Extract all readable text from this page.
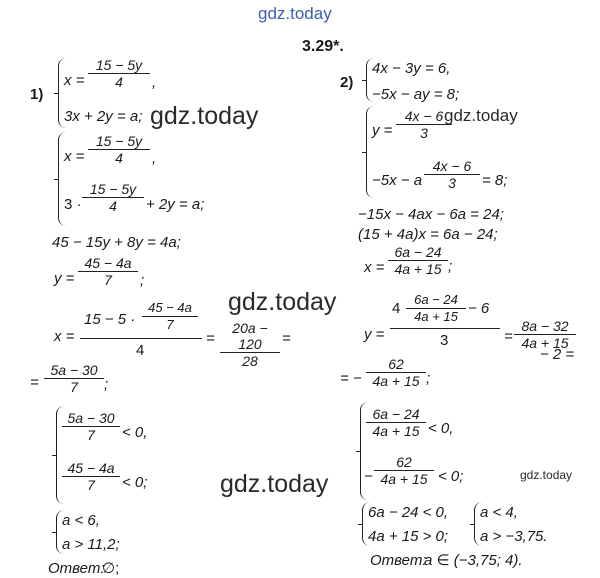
gdz.today
3.29*.
1)
x =
15 − 5y
4	,
3x + 2y = a; gdz.today
x =
15 − 5y
4	,
3 ·
15 − 5y
4	+ 2y = a;
45 − 15y + 8y = 4a;
y =
45 − 4a
7	;
x =
15 − 5 ·
45 − 4a
7
4
=
20a − 120
28
=
gdz.today
=
5a − 30
7	;
5a − 30
7	< 0,
45 − 4a
7	< 0;
a < 6,
a > 11,2;
Ответ:
∅;
gdz.today
2)
4x − 3y = 6,
−5x − ay = 8;
y =
4x − 6
3
−5x − a
4x − 6
3	= 8;
gdz.today
−15x − 4ax − 6a = 24;
(15 + 4a)x = 6a − 24;
x =
6a − 24
4a + 15 ;
y =
4
6a − 24
4a + 15 − 6
3	=
8a − 32
4a + 15
− 2 =
= −
62
4a + 15 ;
6a − 24
4a + 15 < 0,
−
62
4a + 15 < 0;	gdz.today
6a − 24 < 0,
4a + 15 > 0;
a < 4,
a > −3,75.
Ответ:
a ∈ (−3,75; 4).
